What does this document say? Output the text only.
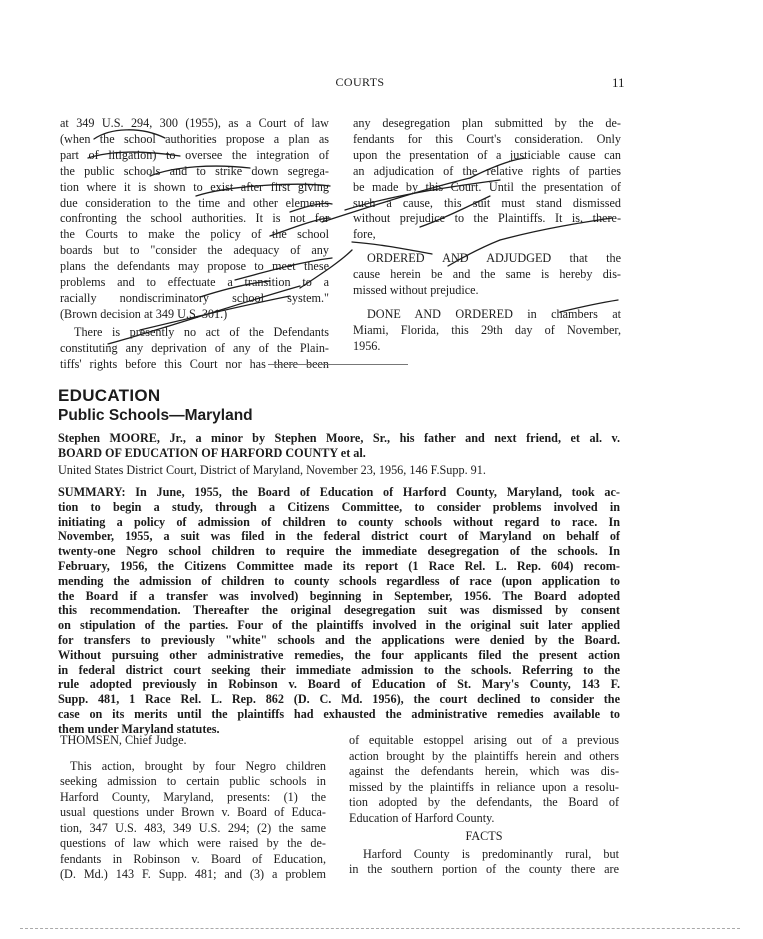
COURTS	11

at 349 U.S. 294, 300 (1955), as a Court of law
(when the school authorities propose a plan as
part of litigation) to oversee the integration of
the public schools and to strike down segrega-
tion where it is shown to exist after first giving
due consideration to the time and other elements
confronting the school authorities. It is not for
the Courts to make the policy of the school
boards but to "consider the adequacy of any
plans the defendants may propose to meet these
problems and to effectuate a transition to a
racially nondiscriminatory school system."
(Brown decision at 349 U.S. 301.)

There is presently no act of the Defendants
constituting any deprivation of any of the Plain-
tiffs' rights before this Court nor has there been

any desegregation plan submitted by the de-
fendants for this Court's consideration. Only
upon the presentation of a justiciable cause can
an adjudication of the relative rights of parties
be made by this Court. Until the presentation of
such a cause, this suit must stand dismissed
without prejudice to the Plaintiffs. It is, there-
fore,

ORDERED AND ADJUDGED that the
cause herein be and the same is hereby dis-
missed without prejudice.

DONE AND ORDERED in chambers at
Miami, Florida, this 29th day of November,
1956.

EDUCATION
Public Schools—Maryland
Stephen MOORE, Jr., a minor by Stephen Moore, Sr., his father and next friend, et al. v.
BOARD OF EDUCATION OF HARFORD COUNTY et al.
United States District Court, District of Maryland, November 23, 1956, 146 F.Supp. 91.
SUMMARY: In June, 1955, the Board of Education of Harford County, Maryland, took ac-
tion to begin a study, through a Citizens Committee, to consider problems involved in
initiating a policy of admission of children to county schools without regard to race. In
November, 1955, a suit was filed in the federal district court of Maryland on behalf of
twenty-one Negro school children to require the immediate desegregation of the schools. In
February, 1956, the Citizens Committee made its report (1 Race Rel. L. Rep. 604) recom-
mending the admission of children to county schools regardless of race (upon application to
the Board if a transfer was involved) beginning in September, 1956. The Board adopted
this recommendation. Thereafter the original desegregation suit was dismissed by consent
on stipulation of the parties. Four of the plaintiffs involved in the original suit later applied
for transfers to previously "white" schools and the applications were denied by the Board.
Without pursuing other administrative remedies, the four applicants filed the present action
in federal district court seeking their immediate admission to the schools. Referring to the
rule adopted previously in Robinson v. Board of Education of St. Mary's County, 143 F.
Supp. 481, 1 Race Rel. L. Rep. 862 (D. C. Md. 1956), the court declined to consider the
case on its merits until the plaintiffs had exhausted the administrative remedies available to
them under Maryland statutes.
THOMSEN, Chief Judge.

This action, brought by four Negro children
seeking admission to certain public schools in
Harford County, Maryland, presents: (1) the
usual questions under Brown v. Board of Educa-
tion, 347 U.S. 483, 349 U.S. 294; (2) the same
questions of law which were raised by the de-
fendants in Robinson v. Board of Education,
(D. Md.) 143 F. Supp. 481; and (3) a problem

of equitable estoppel arising out of a previous
action brought by the plaintiffs herein and others
against the defendants herein, which was dis-
missed by the plaintiffs in reliance upon a resolu-
tion adopted by the defendants, the Board of
Education of Harford County.

FACTS

Harford County is predominantly rural, but
in the southern portion of the county there are
